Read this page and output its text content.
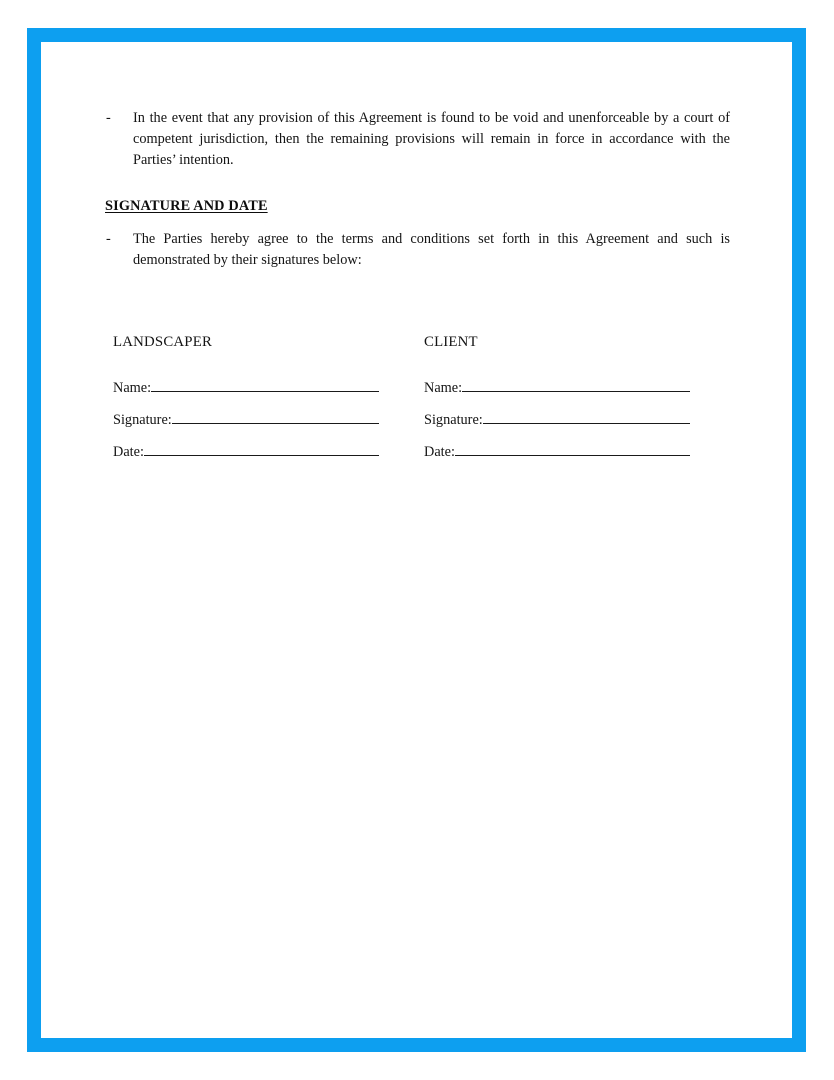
- In the event that any provision of this Agreement is found to be void and unenforceable by a court of competent jurisdiction, then the remaining provisions will remain in force in accordance with the Parties’ intention.
SIGNATURE AND DATE
- The Parties hereby agree to the terms and conditions set forth in this Agreement and such is demonstrated by their signatures below:
LANDSCAPER
Name:
Signature:
Date:
CLIENT
Name:
Signature:
Date:
